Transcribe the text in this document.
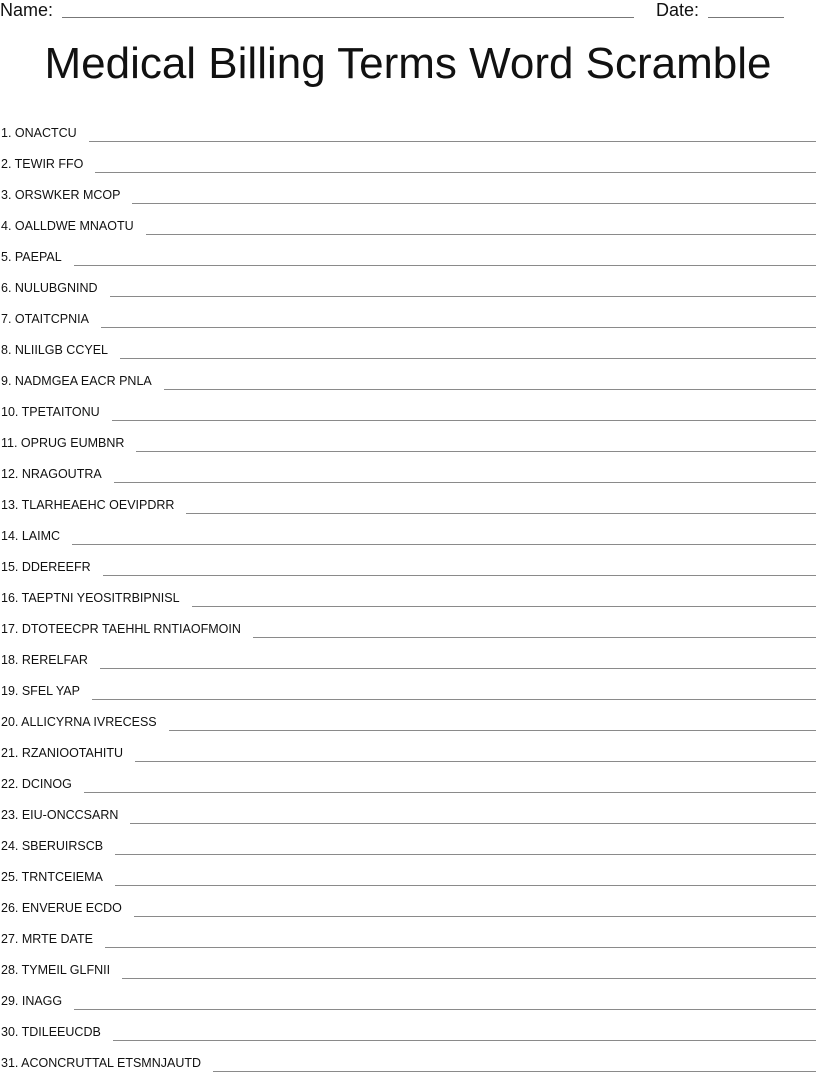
Name:	Date:
Medical Billing Terms Word Scramble
1. ONACTCU
2. TEWIR FFO
3. ORSWKER MCOP
4. OALLDWE MNAOTU
5. PAEPAL
6. NULUBGNIND
7. OTAITCPNIA
8. NLIILGB CCYEL
9. NADMGEA EACR PNLA
10. TPETAITONU
11. OPRUG EUMBNR
12. NRAGOUTRA
13. TLARHEAEHC OEVIPDRR
14. LAIMC
15. DDEREEFR
16. TAEPTNI YEOSITRBIPNISL
17. DTOTEECPR TAEHHL RNTIAOFMOIN
18. RERELFAR
19. SFEL YAP
20. ALLICYRNA IVRECESS
21. RZANIOOTAHITU
22. DCINOG
23. EIU-ONCCSARN
24. SBERUIRSCB
25. TRNTCEIEMA
26. ENVERUE ECDO
27. MRTE DATE
28. TYMEIL GLFNII
29. INAGG
30. TDILEEUCDB
31. ACONCRUTTAL ETSMNJAUTD
